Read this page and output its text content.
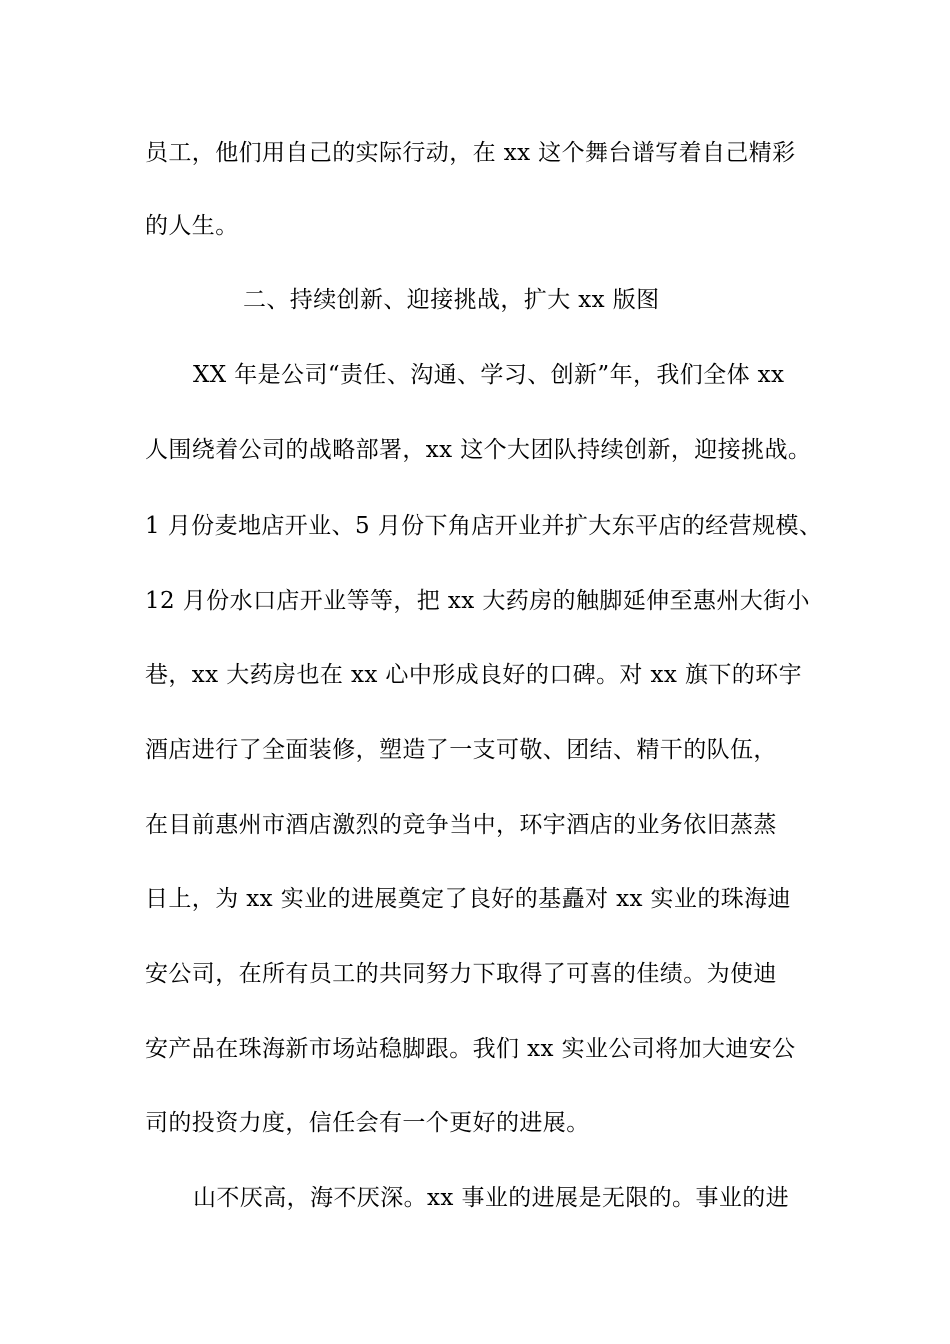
员工，他们用自己的实际行动，在 xx 这个舞台谱写着自己精彩
的人生。
二、持续创新、迎接挑战，扩大 xx 版图
XX 年是公司“责任、沟通、学习、创新”年，我们全体 xx
人围绕着公司的战略部署，xx 这个大团队持续创新，迎接挑战。
1 月份麦地店开业、5 月份下角店开业并扩大东平店的经营规模、
12 月份水口店开业等等，把 xx 大药房的触脚延伸至惠州大街小
巷，xx 大药房也在 xx 心中形成良好的口碑。对 xx 旗下的环宇
酒店进行了全面装修，塑造了一支可敬、团结、精干的队伍，
在目前惠州市酒店激烈的竞争当中，环宇酒店的业务依旧蒸蒸
日上，为 xx 实业的进展奠定了良好的基矗对 xx 实业的珠海迪
安公司，在所有员工的共同努力下取得了可喜的佳绩。为使迪
安产品在珠海新市场站稳脚跟。我们 xx 实业公司将加大迪安公
司的投资力度，信任会有一个更好的进展。
山不厌高，海不厌深。xx 事业的进展是无限的。事业的进
